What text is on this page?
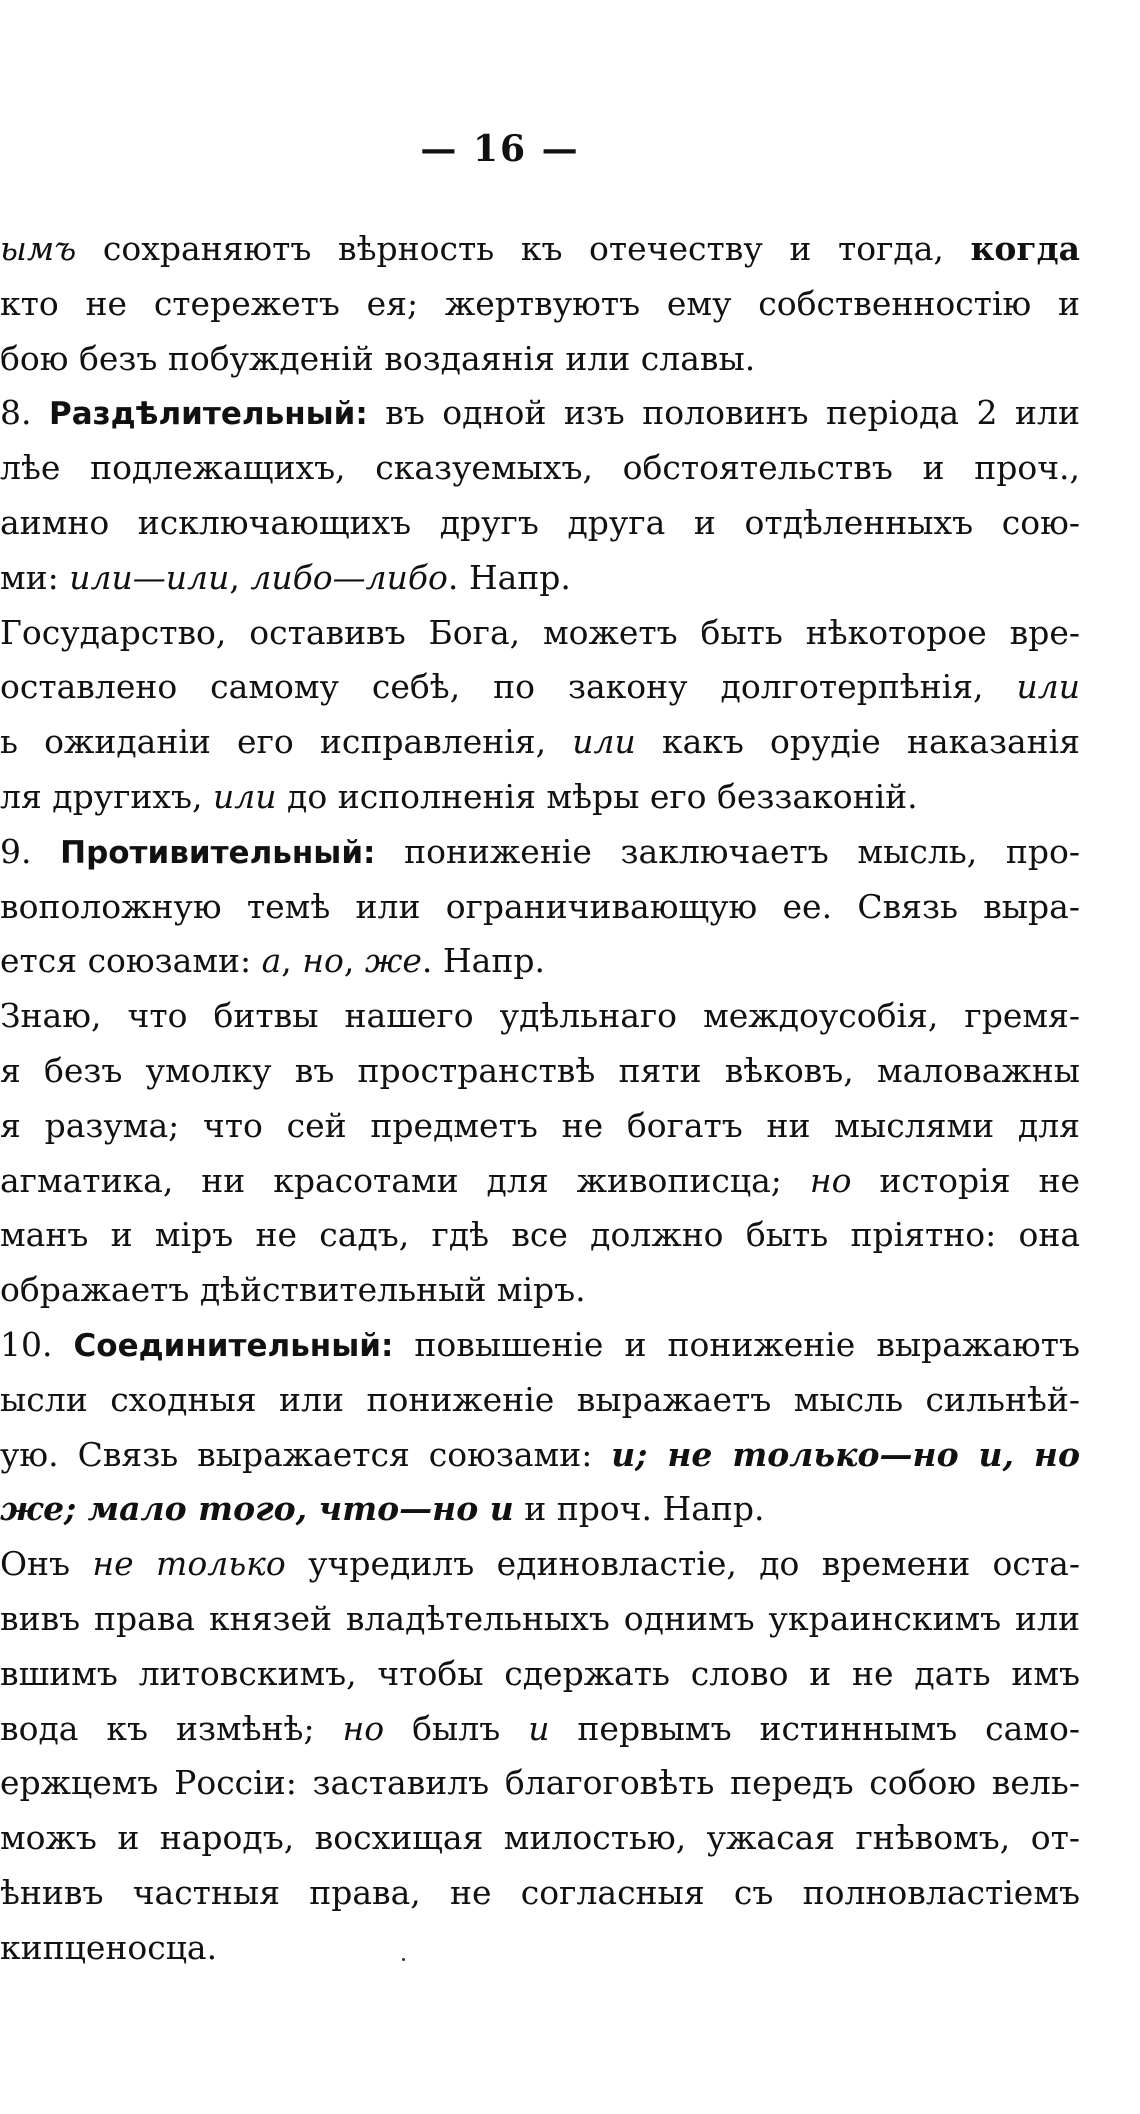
— 16 —
ымъ сохраняютъ вѣрность къ отечеству и тогда, когда
кто не стережетъ ея; жертвуютъ ему собственностію и
бою безъ побужденій воздаянія или славы.
8. Раздѣлительный: въ одной изъ половинъ періода 2 или
лѣе подлежащихъ, сказуемыхъ, обстоятельствъ и проч.,
аимно исключающихъ другъ друга и отдѣленныхъ сою-
ми: или—или, либо—либо. Напр.
Государство, оставивъ Бога, можетъ быть нѣкоторое вре-
оставлено самому себѣ, по закону долготерпѣнія, или
ь ожиданіи его исправленія, или какъ орудіе наказанія
ля другихъ, или до исполненія мѣры его беззаконій.
9. Противительный: пониженіе заключаетъ мысль, про-
вопoложную темѣ или ограничивающую ее. Связь выра-
ется союзами: а, но, же. Напр.
Знаю, что битвы нашего удѣльнаго междоусобія, гремя-
я безъ умолку въ пространствѣ пяти вѣковъ, маловажны
я разума; что сей предметъ не богатъ ни мыслями для
агматика, ни красотами для живописца; но исторія не
манъ и міръ не садъ, гдѣ все должно быть пріятно: она
ображаетъ дѣйствительный міръ.
10. Соединительный: повышеніе и пониженіе выражаютъ
ысли сходныя или пониженіе выражаетъ мысль сильнѣй-
ую. Связь выражается союзами: и; не только—но и, но
же; мало того, что—но и и проч. Напр.
Онъ не только учредилъ единовластіе, до времени оста-
вивъ права князей владѣтельныхъ однимъ украинскимъ или
вшимъ литовскимъ, чтобы сдержать слово и не дать имъ
вода къ измѣнѣ; но былъ и первымъ истиннымъ само-
ержцемъ Россіи: заставилъ благоговѣть передъ собою вель-
можъ и народъ, восхищая милостью, ужасая гнѣвомъ, от-
ѣнивъ частныя права, не согласныя съ полновластіемъ
кипценосца.
